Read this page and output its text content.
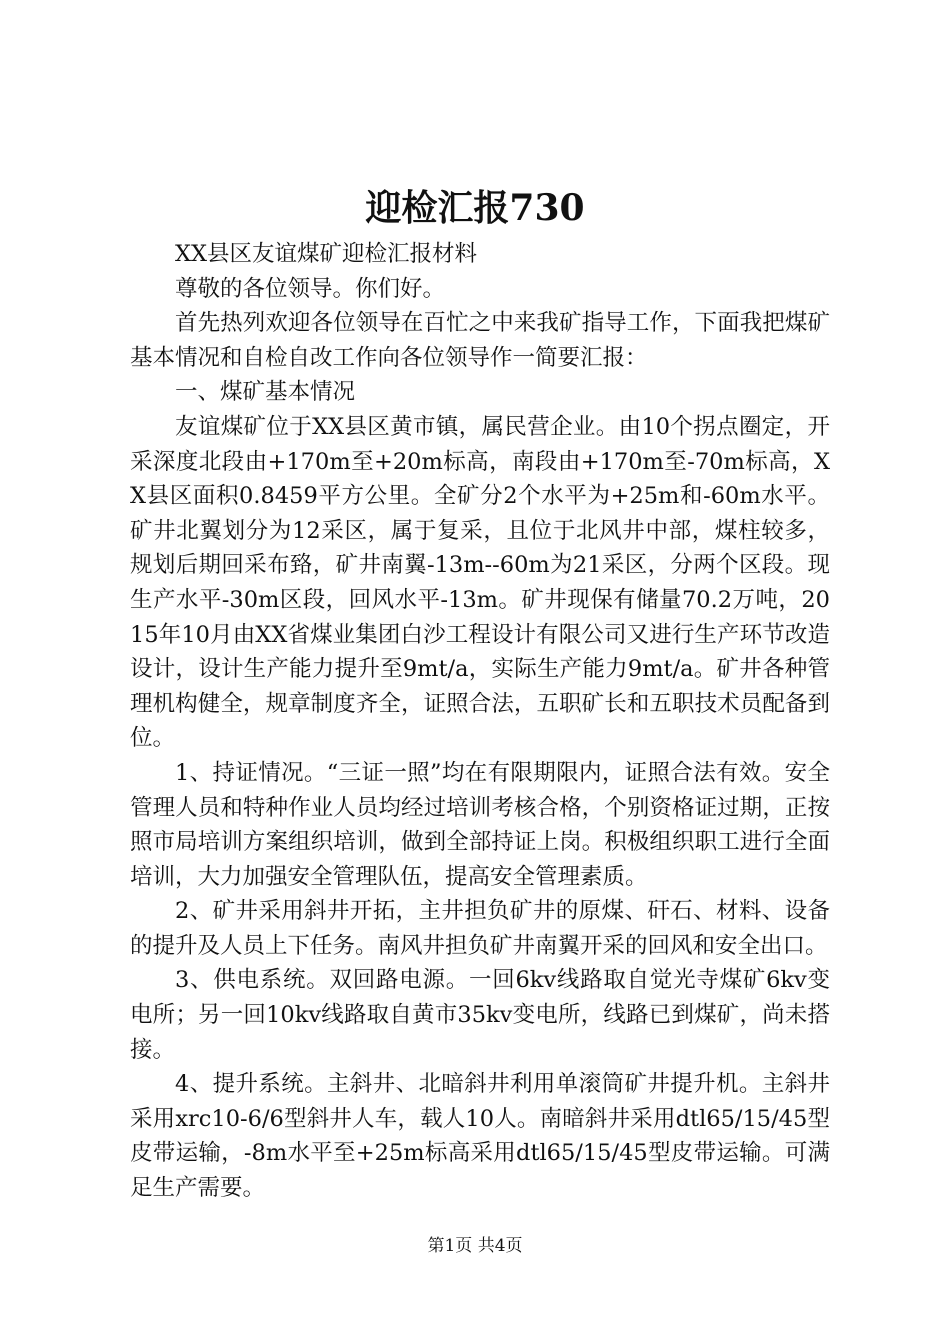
迎检汇报730

XX县区友谊煤矿迎检汇报材料

尊敬的各位领导。你们好。

首先热列欢迎各位领导在百忙之中来我矿指导工作，下面我把煤矿基本情况和自检自改工作向各位领导作一简要汇报：

一、煤矿基本情况

友谊煤矿位于XX县区黄市镇，属民营企业。由10个拐点圈定，开采深度北段由+170m至+20m标高，南段由+170m至-70m标高，XX县区面积0.8459平方公里。全矿分2个水平为+25m和-60m水平。矿井北翼划分为12采区，属于复采，且位于北风井中部，煤柱较多，规划后期回采布臵，矿井南翼-13m--60m为21采区，分两个区段。现生产水平-30m区段，回风水平-13m。矿井现保有储量70.2万吨，2015年10月由XX省煤业集团白沙工程设计有限公司又进行生产环节改造设计，设计生产能力提升至9mt/a，实际生产能力9mt/a。矿井各种管理机构健全，规章制度齐全，证照合法，五职矿长和五职技术员配备到位。

1、持证情况。“三证一照”均在有限期限内，证照合法有效。安全管理人员和特种作业人员均经过培训考核合格，个别资格证过期，正按照市局培训方案组织培训，做到全部持证上岗。积极组织职工进行全面培训，大力加强安全管理队伍，提高安全管理素质。

2、矿井采用斜井开拓，主井担负矿井的原煤、矸石、材料、设备的提升及人员上下任务。南风井担负矿井南翼开采的回风和安全出口。

3、供电系统。双回路电源。一回6kv线路取自觉光寺煤矿6kv变电所；另一回10kv线路取自黄市35kv变电所，线路已到煤矿，尚未搭接。

4、提升系统。主斜井、北暗斜井利用单滚筒矿井提升机。主斜井采用xrc10-6/6型斜井人车，载人10人。南暗斜井采用dtl65/15/45型皮带运输，-8m水平至+25m标高采用dtl65/15/45型皮带运输。可满足生产需要。

第1页 共4页
